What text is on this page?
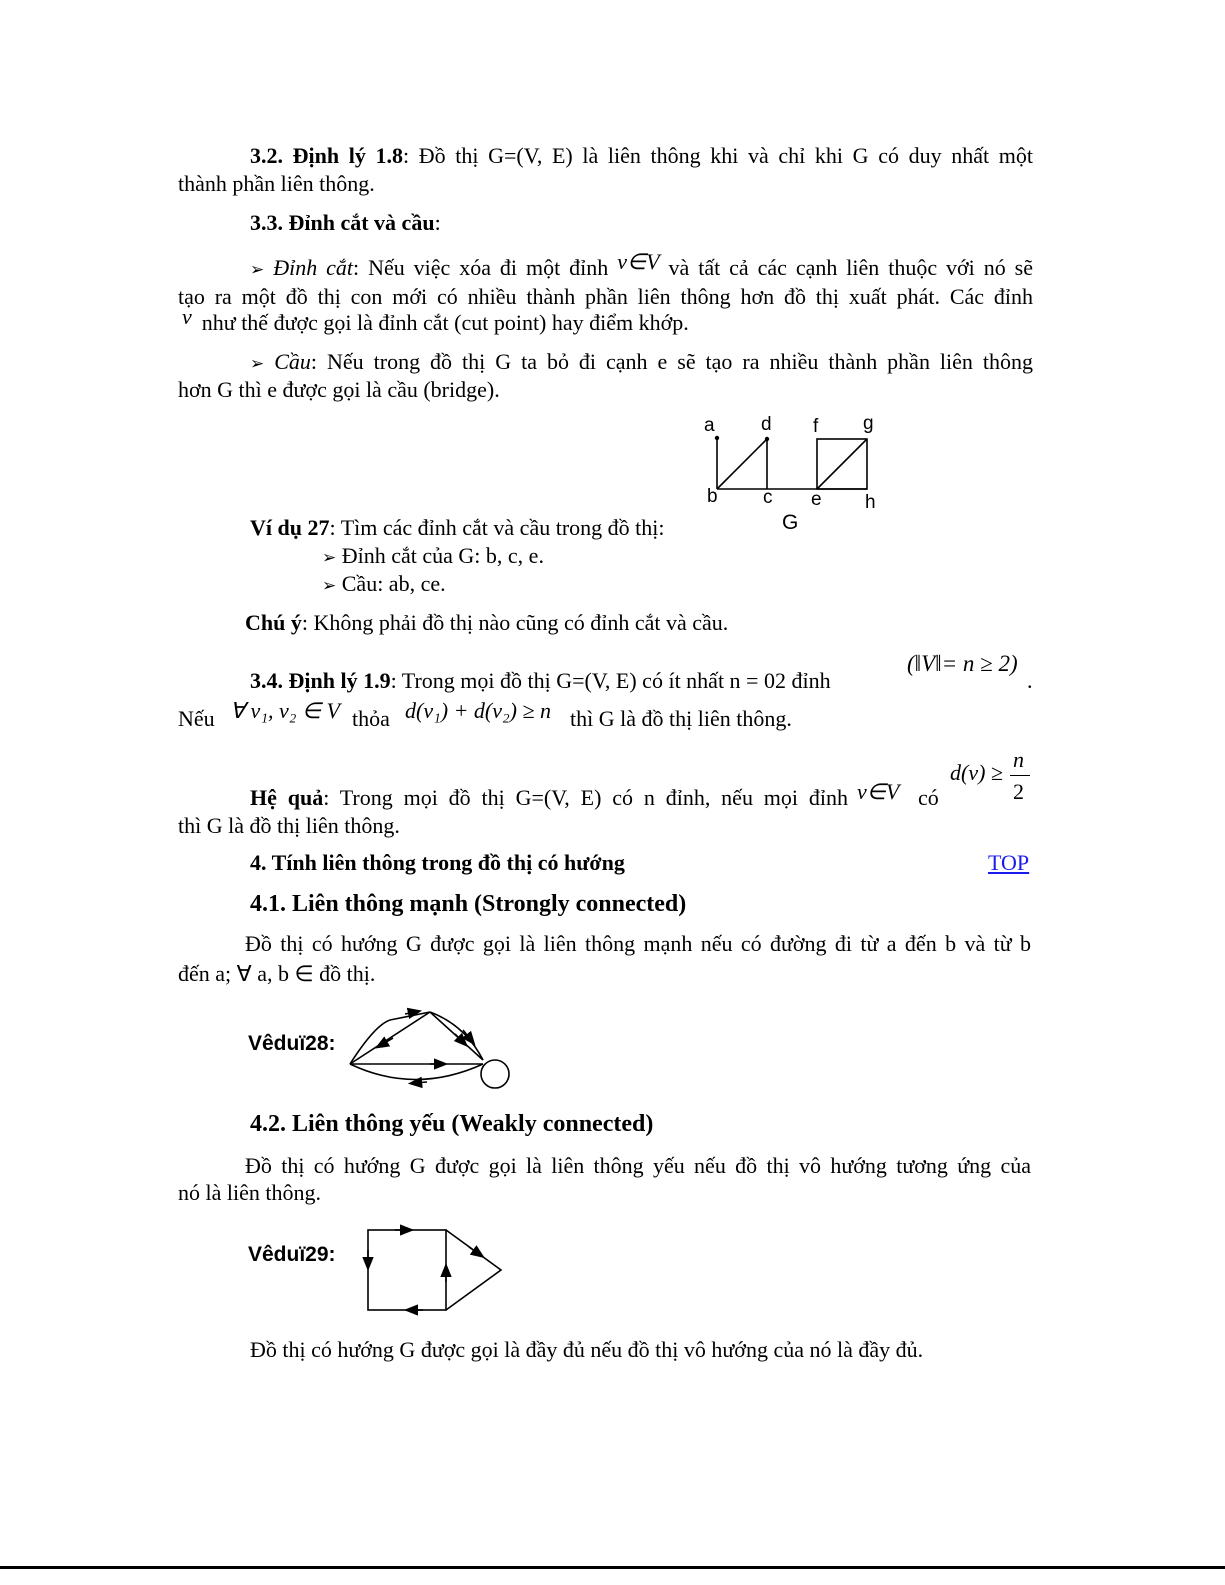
3.2. Định lý 1.8: Đồ thị G=(V, E) là liên thông khi và chỉ khi G có duy nhất một
thành phần liên thông.
3.3. Đỉnh cắt và cầu:
➢ Đỉnh cắt: Nếu việc xóa đi một đỉnh v∈V và tất cả các cạnh liên thuộc với nó sẽ
tạo ra một đồ thị con mới có nhiều thành phần liên thông hơn đồ thị xuất phát. Các đỉnh
v như thế được gọi là đỉnh cắt (cut point) hay điểm khớp.
➢ Cầu: Nếu trong đồ thị G ta bỏ đi cạnh e sẽ tạo ra nhiều thành phần liên thông
hơn G thì e được gọi là cầu (bridge).
a d f g
b c e h
G
Ví dụ 27: Tìm các đỉnh cắt và cầu trong đồ thị:
➢ Đỉnh cắt của G: b, c, e.
➢ Cầu: ab, ce.
Chú ý: Không phải đồ thị nào cũng có đỉnh cắt và cầu.
3.4. Định lý 1.9: Trong mọi đồ thị G=(V, E) có ít nhất n = 02 đỉnh
(‖V‖= n ≥ 2)
.
Nếu ∀ v₁, v₂ ∈ V thỏa d(v₁) + d(v₂) ≥ n thì G là đồ thị liên thông.
Hệ quả: Trong mọi đồ thị G=(V, E) có n đỉnh, nếu mọi đỉnh v∈V có
d(v) ≥
n
2
thì G là đồ thị liên thông.
4. Tính liên thông trong đồ thị có hướng	TOP
4.1. Liên thông mạnh (Strongly connected)
Đồ thị có hướng G được gọi là liên thông mạnh nếu có đường đi từ a đến b và từ b
đến a; ∀ a, b ∈ đồ thị.
Vêduï28:
4.2. Liên thông yếu (Weakly connected)
Đồ thị có hướng G được gọi là liên thông yếu nếu đồ thị vô hướng tương ứng của
nó là liên thông.
Vêduï29:
Đồ thị có hướng G được gọi là đầy đủ nếu đồ thị vô hướng của nó là đầy đủ.
